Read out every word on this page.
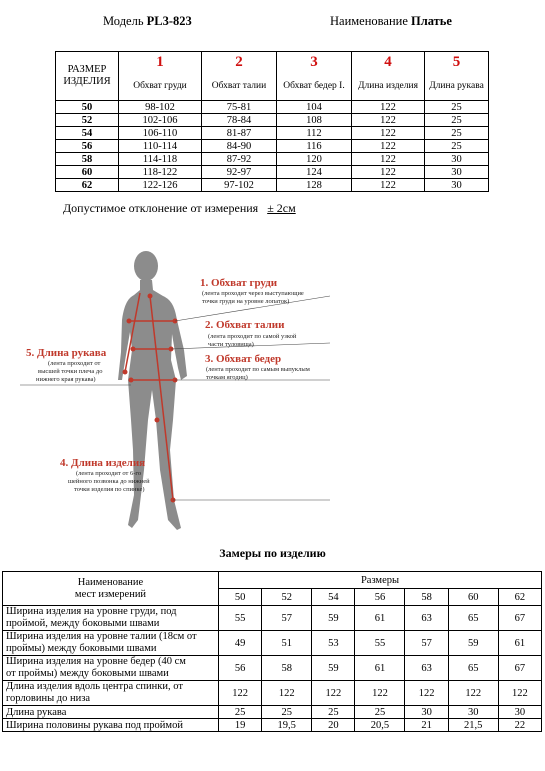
Модель PL3-823	Наименование Платье
РАЗМЕР ИЗДЕЛИЯ	1	2	3	4	5
	Обхват груди	Обхват талии	Обхват бедер I.	Длина изделия	Длина рукава
50	98-102	75-81	104	122	25
52	102-106	78-84	108	122	25
54	106-110	81-87	112	122	25
56	110-114	84-90	116	122	25
58	114-118	87-92	120	122	30
60	118-122	92-97	124	122	30
62	122-126	97-102	128	122	30
Допустимое отклонение от измерения ± 2см
1. Обхват груди
(лента проходит через выступающие
точки груди на уровне лопаток)
2. Обхват талии
(лента проходит по самой узкой
части туловища)
3. Обхват бедер
(лента проходит по самым выпуклым
точкам ягодиц)
4. Длина изделия
(лента проходит от 6-го
шейного позвонка до нижней
точки изделия по спинке)
5. Длина рукава
(лента проходит от
высшей точки плеча до
нижнего края рукава)
Замеры по изделию
Наименование
мест измерений	Размеры						
	50	52	54	56	58	60	62
Ширина изделия на уровне груди, под
проймой, между боковыми швами	55	57	59	61	63	65	67
Ширина изделия на уровне талии (18см от
проймы) между боковыми швами	49	51	53	55	57	59	61
Ширина изделия на уровне бедер (40 см
от проймы) между боковыми швами	56	58	59	61	63	65	67
Длина изделия вдоль центра спинки, от
горловины до низа	122	122	122	122	122	122	122
Длина рукава	25	25	25	25	30	30	30
Ширина половины рукава под проймой	19	19,5	20	20,5	21	21,5	22
